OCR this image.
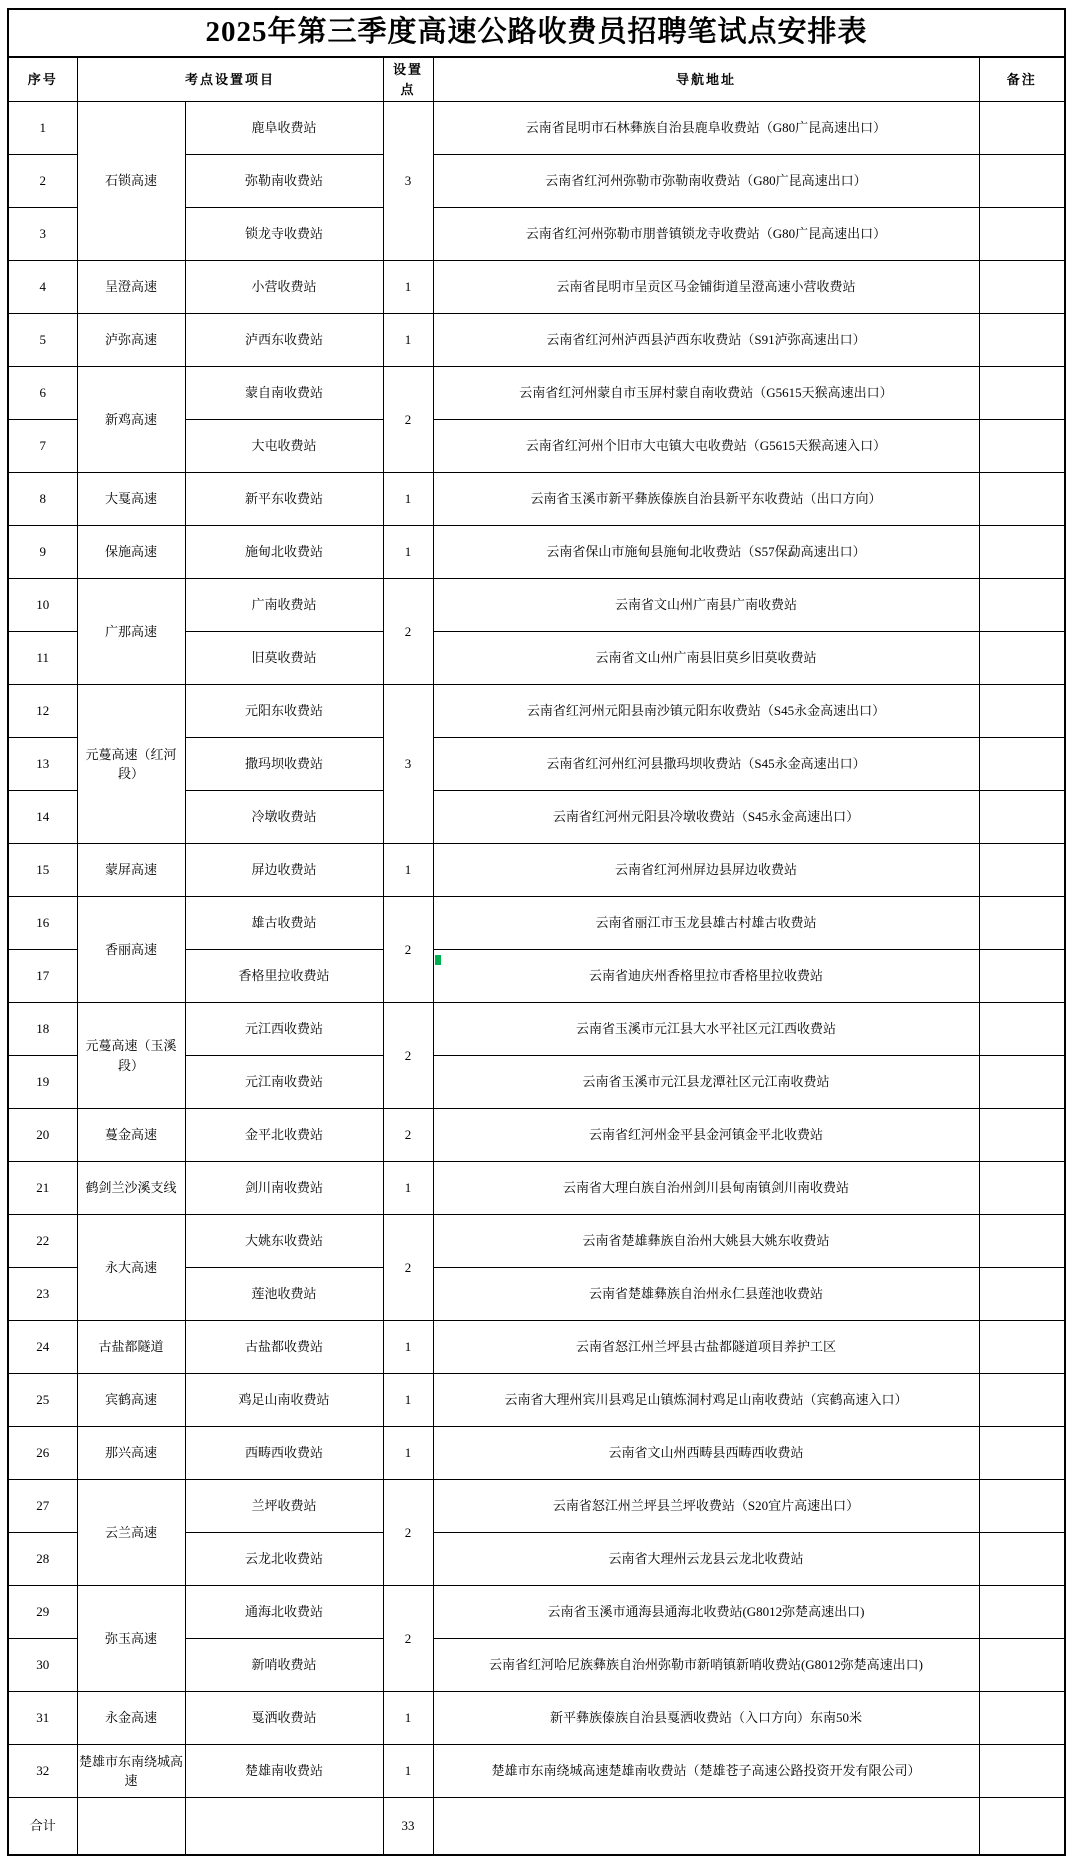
2025年第三季度高速公路收费员招聘笔试点安排表					
序号	考点设置项目		设置点	导航地址	备注
1	石锁高速	鹿阜收费站	3	云南省昆明市石林彝族自治县鹿阜收费站（G80广昆高速出口）	
2		弥勒南收费站		云南省红河州弥勒市弥勒南收费站（G80广昆高速出口）	
3		锁龙寺收费站		云南省红河州弥勒市朋普镇锁龙寺收费站（G80广昆高速出口）	
4	呈澄高速	小营收费站	1	云南省昆明市呈贡区马金铺街道呈澄高速小营收费站	
5	泸弥高速	泸西东收费站	1	云南省红河州泸西县泸西东收费站（S91泸弥高速出口）	
6	新鸡高速	蒙自南收费站	2	云南省红河州蒙自市玉屏村蒙自南收费站（G5615天猴高速出口）	
7		大屯收费站		云南省红河州个旧市大屯镇大屯收费站（G5615天猴高速入口）	
8	大戛高速	新平东收费站	1	云南省玉溪市新平彝族傣族自治县新平东收费站（出口方向）	
9	保施高速	施甸北收费站	1	云南省保山市施甸县施甸北收费站（S57保勐高速出口）	
10	广那高速	广南收费站	2	云南省文山州广南县广南收费站	
11		旧莫收费站		云南省文山州广南县旧莫乡旧莫收费站	
12	元蔓高速（红河段）	元阳东收费站	3	云南省红河州元阳县南沙镇元阳东收费站（S45永金高速出口）	
13		撒玛坝收费站		云南省红河州红河县撒玛坝收费站（S45永金高速出口）	
14		冷墩收费站		云南省红河州元阳县冷墩收费站（S45永金高速出口）	
15	蒙屏高速	屏边收费站	1	云南省红河州屏边县屏边收费站	
16	香丽高速	雄古收费站	2	云南省丽江市玉龙县雄古村雄古收费站	
17		香格里拉收费站		云南省迪庆州香格里拉市香格里拉收费站	
18	元蔓高速（玉溪段）	元江西收费站	2	云南省玉溪市元江县大水平社区元江西收费站	
19		元江南收费站		云南省玉溪市元江县龙潭社区元江南收费站	
20	蔓金高速	金平北收费站	2	云南省红河州金平县金河镇金平北收费站	
21	鹤剑兰沙溪支线	剑川南收费站	1	云南省大理白族自治州剑川县甸南镇剑川南收费站	
22	永大高速	大姚东收费站	2	云南省楚雄彝族自治州大姚县大姚东收费站	
23		莲池收费站		云南省楚雄彝族自治州永仁县莲池收费站	
24	古盐都隧道	古盐都收费站	1	云南省怒江州兰坪县古盐都隧道项目养护工区	
25	宾鹤高速	鸡足山南收费站	1	云南省大理州宾川县鸡足山镇炼洞村鸡足山南收费站（宾鹤高速入口）	
26	那兴高速	西畴西收费站	1	云南省文山州西畴县西畴西收费站	
27	云兰高速	兰坪收费站	2	云南省怒江州兰坪县兰坪收费站（S20宜片高速出口）	
28		云龙北收费站		云南省大理州云龙县云龙北收费站	
29	弥玉高速	通海北收费站	2	云南省玉溪市通海县通海北收费站(G8012弥楚高速出口)	
30		新哨收费站		云南省红河哈尼族彝族自治州弥勒市新哨镇新哨收费站(G8012弥楚高速出口)	
31	永金高速	戛洒收费站	1	新平彝族傣族自治县戛洒收费站（入口方向）东南50米	
32	楚雄市东南绕城高速	楚雄南收费站	1	楚雄市东南绕城高速楚雄南收费站（楚雄苍子高速公路投资开发有限公司）	
合计			33		
